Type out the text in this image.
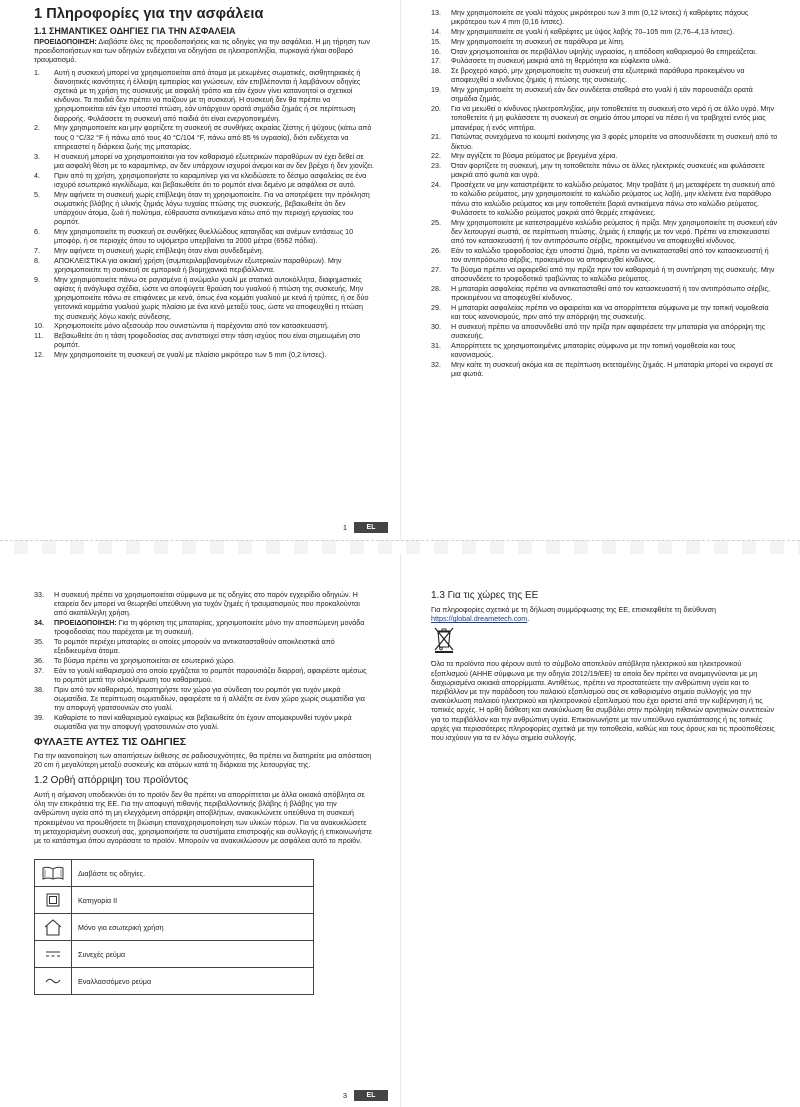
1 Πληροφορίες για την ασφάλεια
1.1 ΣΗΜΑΝΤΙΚΕΣ ΟΔΗΓΙΕΣ ΓΙΑ ΤΗΝ ΑΣΦΑΛΕΙΑ
ΠΡΟΕΙΔΟΠΟΙΗΣΗ: Διαβάστε όλες τις προειδοποιήσεις και τις οδηγίες για την ασφάλεια. Η μη τήρηση των προειδοποιήσεων και των οδηγιών ενδέχεται να οδηγήσει σε ηλεκτροπληξία, πυρκαγιά ή/και σοβαρό τραυματισμό.
1.	Αυτή η συσκευή μπορεί να χρησιμοποιείται από άτομα με μειωμένες σωματικές, αισθητηριακές ή διανοητικές ικανότητες ή έλλειψη εμπειρίας και γνώσεων, εάν επιβλέπονται ή λαμβάνουν οδηγίες σχετικά με τη χρήση της συσκευής με ασφαλή τρόπο και εάν έχουν γίνει κατανοητοί οι σχετικοί κίνδυνοι. Τα παιδιά δεν πρέπει να παίζουν με τη συσκευή. Η συσκευή δεν θα πρέπει να χρησιμοποιείται εάν έχει υποστεί πτώση, εάν υπάρχουν ορατά σημάδια ζημιάς ή σε περίπτωση διαρροής. Φυλάσσετε τη συσκευή από παιδιά ότι είναι ενεργοποιημένη.
2.	Μην χρησιμοποιείτε και μην φορτίζετε τη συσκευή σε συνθήκες ακραίας ζέστης ή ψύχους (κάτω από τους 0 °C/32 °F ή πάνω από τους 40 °C/104 °F, πάνω από 85 % υγρασία), διότι ενδέχεται να επηρεαστεί η διάρκεια ζωής της μπαταρίας.
3.	Η συσκευή μπορεί να χρησιμοποιείται για τον καθαρισμό εξωτερικών παραθύρων αν έχει δεθεί σε μια ασφαλή θέση με το καραμπίνερ, αν δεν υπάρχουν ισχυροί άνεμοι και αν δεν βρέχει ή δεν χιονίζει.
4.	Πριν από τη χρήση, χρησιμοποιήστε το καραμπίνερ για να κλειδώσετε το δέσιμο ασφαλείας σε ένα ισχυρό εσωτερικό κιγκλίδωμα, και βεβαιωθείτε ότι το ρομπότ είναι δεμένο με ασφάλεια σε αυτό.
5.	Μην αφήνετε τη συσκευή χωρίς επίβλεψη όταν τη χρησιμοποιείτε. Για να αποτρέψετε την πρόκληση σωματικής βλάβης ή υλικής ζημιάς λόγω τυχαίας πτώσης της συσκευής, βεβαιωθείτε ότι δεν υπάρχουν άτομα, ζωά ή πολύτιμα, εύθραυστα αντικείμενα κάτω από την περιοχή εργασίας του ρομπότ.
6.	Μην χρησιμοποιείτε τη συσκευή σε συνθήκες θυελλώδους καταιγίδας και ανέμων εντάσεως 10 μποφόρ, ή σε περιοχές όπου το υψόμετρο υπερβαίνει τα 2000 μέτρα (6562 πόδια).
7.	Μην αφήνετε τη συσκευή χωρίς επίβλεψη όταν είναι συνδεδεμένη.
8.	ΑΠΟΚΛΕΙΣΤΙΚΑ για οικιακή χρήση (συμπεριλαμβανομένων εξωτερικών παραθύρων). Μην χρησιμοποιείτε τη συσκευή σε εμπορικά ή βιομηχανικά περιβάλλοντα.
9.	Μην χρησιμοποιείτε πάνω σε ραγισμένο ή ανώμαλο γυαλί με στατικά αυτοκόλλητα, διαφημιστικές αφίσες ή ανάγλυφα σχέδια, ώστε να αποφύγετε θραύση του γυαλιού ή πτώση της συσκευής. Μην χρησιμοποιείτε πάνω σε επιφάνειες με κενά, όπως ένα κομμάτι γυαλιού με κενά ή τρύπες, ή σε δύο γειτονικά κομμάτια γυαλιού χωρίς πλαίσιο με ένα κενό μεταξύ τους, ώστε να αποφευχθεί η πτώση της συσκευής λόγω κακής σύνδεσης.
10.	Χρησιμοποιείτε μόνο αξεσουάρ που συνιστώνται ή παρέχονται από τον κατασκευαστή.
11.	Βεβαιωθείτε ότι η τάση τροφοδοσίας σας αντιστοιχεί στην τάση ισχύος που είναι σημειωμένη στο ρομπότ.
12.	Μην χρησιμοποιείτε τη συσκευή σε γυαλί με πλαίσιο μικρότερο των 5 mm (0,2 ίντσες).
1	EL
13.	Μην χρησιμοποιείτε σε γυαλί πάχους μικρότερου των 3 mm (0,12 ίντσες) ή καθρέφτες πάχους μικρότερου των 4 mm (0,16 ίντσες).
14.	Μην χρησιμοποιείτε σε γυαλί ή καθρέφτες με ύψος λαβής 70–105 mm (2,76–4,13 ίντσες).
15.	Μην χρησιμοποιείτε τη συσκευή σε παράθυρα με λίπη.
16.	Όταν χρησιμοποιείται σε περιβάλλον υψηλής υγρασίας, η απόδοση καθαρισμού θα επηρεάζεται.
17.	Φυλάσσετε τη συσκευή μακριά από τη θερμότητα και εύφλεκτα υλικά.
18.	Σε βροχερό καιρό, μην χρησιμοποιείτε τη συσκευή στα εξωτερικά παράθυρα προκειμένου να αποφευχθεί ο κίνδυνος ζημιάς ή πτώσης της συσκευής.
19.	Μην χρησιμοποιείτε τη συσκευή εάν δεν συνδέεται σταθερά στο γυαλί ή εάν παρουσιάζει ορατά σημάδια ζημιάς.
20.	Για να μειωθεί ο κίνδυνος ηλεκτροπληξίας, μην τοποθετείτε τη συσκευή στο νερό ή σε άλλο υγρό. Μην τοποθετείτε ή μη φυλάσσετε τη συσκευή σε σημείο όπου μπορεί να πέσει ή να τραβηχτεί εντός μιας μπανιέρας ή ενός νιπτήρα.
21.	Πατώντας συνεχόμενα το κουμπί εκκίνησης για 3 φορές μπορείτε να αποσυνδέσετε τη συσκευή από το δίκτυο.
22.	Μην αγγίζετε το βύσμα ρεύματος με βρεγμένα χέρια.
23.	Όταν φορτίζετε τη συσκευή, μην τη τοποθετείτε πάνω σε άλλες ηλεκτρικές συσκευές και φυλάσσετε μακριά από φωτιά και υγρά.
24.	Προσέχετε να μην καταστρέψετε το καλώδιο ρεύματος. Μην τραβάτε ή μη μεταφέρετε τη συσκευή από το καλώδιο ρεύματος, μην χρησιμοποιείτε το καλώδιο ρεύματος ως λαβή, μην κλείνετε ένα παράθυρο πάνω στο καλώδιο ρεύματος και μην τοποθετείτε βαριά αντικείμενα πάνω στο καλώδιο ρεύματος. Φυλάσσετε το καλώδιο ρεύματος μακριά από θερμές επιφάνειες.
25.	Μην χρησιμοποιείτε με κατεστραμμένο καλώδιο ρεύματος ή πρίζα. Μην χρησιμοποιείτε τη συσκευή εάν δεν λειτουργεί σωστά, σε περίπτωση πτώσης, ζημιάς ή επαφής με τον νερό. Πρέπει να επισκευαστεί από τον κατασκευαστή ή τον αντιπρόσωπο σέρβις, προκειμένου να αποφευχθεί κίνδυνος.
26.	Εάν το καλώδιο τροφοδοσίας έχει υποστεί ζημιά, πρέπει να αντικατασταθεί από τον κατασκευαστή ή τον αντιπρόσωπο σέρβις, προκειμένου να αποφευχθεί κίνδυνος.
27.	Το βύσμα πρέπει να αφαιρεθεί από την πρίζα πριν τον καθαρισμό ή τη συντήρηση της συσκευής. Μην αποσυνδέετε το τροφοδοτικό τραβώντας το καλώδιο ρεύματος.
28.	Η μπαταρία ασφαλείας πρέπει να αντικατασταθεί από τον κατασκευαστή ή τον αντιπρόσωπο σέρβις, προκειμένου να αποφευχθεί κίνδυνος.
29.	Η μπαταρία ασφαλείας πρέπει να αφαιρείται και να απορρίπτεται σύμφωνα με την τοπική νομοθεσία και τους κανονισμούς, πριν από την απόρριψη της συσκευής.
30.	Η συσκευή πρέπει να αποσυνδεθεί από την πρίζα πριν αφαιρέσετε την μπαταρία για απόρριψη της συσκευής.
31.	Απορρίπτετε τις χρησιμοποιημένες μπαταρίες σύμφωνα με την τοπική νομοθεσία και τους κανονισμούς.
32.	Μην καίτε τη συσκευή ακόμα και σε περίπτωση εκτεταμένης ζημιάς. Η μπαταρία μπορεί να εκραγεί σε μια φωτιά.
33.	Η συσκευή πρέπει να χρησιμοποιείται σύμφωνα με τις οδηγίες στο παρόν εγχειρίδιο οδηγιών. Η εταιρεία δεν μπορεί να θεωρηθεί υπεύθυνη για τυχόν ζημιές ή τραυματισμούς που προκαλούνται από ακατάλληλη χρήση.
34.	ΠΡΟΕΙΔΟΠΟΙΗΣΗ: Για τη φόρτιση της μπαταρίας, χρησιμοποιείτε μόνο την αποσπώμενη μονάδα τροφοδοσίας που παρέχεται με τη συσκευή.
35.	Το ρομπότ περιέχει μπαταρίες οι οποίες μπορούν να αντικατασταθούν αποκλειστικά από εξειδικευμένα άτομα.
36.	Το βύσμα πρέπει να χρησιμοποιείται σε εσωτερικό χώρο.
37.	Εάν το γυαλί καθαρισμού στο οποίο εργάζεται το ρομπότ παρουσιάζει διαρροή, αφαιρέστε αμέσως το ρομπότ μετά την ολοκλήρωση του καθαρισμού.
38.	Πριν από τον καθαρισμό, παρατηρήστε τον χώρο για σύνδεση του ρομπότ για τυχόν μικρά σωματίδια. Σε περίπτωση σωματιδίων, αφαιρέστε τα ή αλλάξτε σε έναν χώρο χωρίς σωματίδια για την αποφυγή γρατσουνιών στο γυαλί.
39.	Καθαρίστε το πανί καθαρισμού εγκαίρως και βεβαιωθείτε ότι έχουν απομακρυνθεί τυχόν μικρά σωματίδια για την αποφυγή γρατσουνιών στο γυαλί.
ΦΥΛΑΞΤΕ ΑΥΤΕΣ ΤΙΣ ΟΔΗΓΙΕΣ
Για την ικανοποίηση των απαιτήσεων έκθεσης σε ραδιοσυχνότητες, θα πρέπει να διατηρείτε μια απόσταση 20 cm ή μεγαλύτερη μεταξύ συσκευής και ατόμων κατά τη διάρκεια της λειτουργίας της.
1.2 Ορθή απόρριψη του προϊόντος
Αυτή η σήμανση υποδεικνύει ότι το προϊόν δεν θα πρέπει να απορρίπτεται με άλλα οικιακά απόβλητα σε όλη την επικράτεια της ΕΕ. Για την αποφυγή πιθανής περιβαλλοντικής βλάβης ή βλάβης για την ανθρώπινη υγεία από τη μη ελεγχόμενη απόρριψη αποβλήτων, ανακυκλώνετε υπεύθυνα τη συσκευή προκειμένου να προωθήσετε τη βιώσιμη επαναχρησιμοποίηση των υλικών πόρων. Για να ανακυκλώσετε τη μεταχειρισμένη συσκευή σας, χρησιμοποιήστε τα συστήματα επιστροφής και συλλογής ή επικοινωνήστε με το κατάστημα όπου αγοράσατε το προϊόν. Μπορούν να ανακυκλώσουν με ασφάλεια αυτό το προϊόν.
	Διαβάστε τις οδηγίες.

	Κατηγορία II

	Μόνο για εσωτερική χρήση

	Συνεχές ρεύμα

	Εναλλασσόμενο ρεύμα
3	EL
1.3 Για τις χώρες της ΕΕ
Για πληροφορίες σχετικά με τη δήλωση συμμόρφωσης της ΕΕ, επισκεφθείτε τη διεύθυνση https://global.dreametech.com.
Όλα τα προϊόντα που φέρουν αυτό το σύμβολο αποτελούν απόβλητα ηλεκτρικού και ηλεκτρονικού εξοπλισμού (ΑΗΗΕ σύμφωνα με την οδηγία 2012/19/ΕΕ) τα οποία δεν πρέπει να αναμειγνύονται με μη διαχωρισμένα οικιακά απορρίμματα. Αντιθέτως, πρέπει να προστατεύετε την ανθρώπινη υγεία και το περιβάλλον με την παράδοση του παλαιού εξοπλισμού σας σε καθορισμένο σημείο συλλογής για την ανακύκλωση παλαιού ηλεκτρικού και ηλεκτρονικού εξοπλισμού που έχει οριστεί από την κυβέρνηση ή τις τοπικές αρχές. Η ορθή διάθεση και ανακύκλωση θα συμβάλει στην πρόληψη πιθανών αρνητικών συνεπειών για το περιβάλλον και την ανθρώπινη υγεία. Επικοινωνήστε με τον υπεύθυνο εγκατάστασης ή τις τοπικές αρχές για περισσότερες πληροφορίες σχετικά με την τοποθεσία, καθώς και τους όρους και τις προϋποθέσεις που ισχύουν για τα εν λόγω σημεία συλλογής.
